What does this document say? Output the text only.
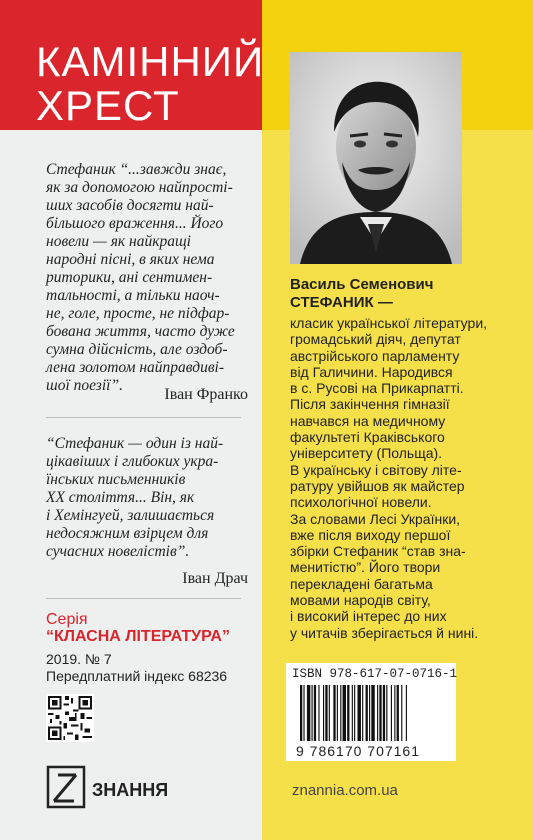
КАМІННИЙ
ХРЕСТ

Стефаник “...завжди знає,

як за допомогою найпрості-

ших засобів досягти най-

більшого враження... Його

новели — як найкращі

народні пісні, в яких нема

риторики, ані сентимен-

тальності, а тільки наоч-

не, голе, просте, не підфар-

бована життя, часто дуже

сумна дійсність, але оздоб-

лена золотом найправдиві-

шої поезії”.

Іван Франко

“Стефаник — один із най-

цікавіших і глибоких укра-

їнських письменників

ХХ століття... Він, як

і Хемінгуей, залишається

недосяжним взірцем для

сучасних новелістів”.

Іван Драч
Серія
“КЛАСНА ЛІТЕРАТУРА”
2019. № 7
Передплатний індекс 68236
ЗНАННЯ

Василь Семенович

СТЕФАНИК —

класик української літератури,

громадський діяч, депутат

австрійського парламенту

від Галичини. Народився

в с. Русові на Прикарпатті.

Після закінчення гімназії

навчався на медичному

факультеті Краківського

університету (Польща).

В українську і світову літе-

ратуру увійшов як майстер

психологічної новели.

За словами Лесі Українки,

вже після виходу першої

збірки Стефаник “став зна-

менитістю”. Його твори

перекладені багатьма

мовами народів світу,

і високий інтерес до них

у читачів зберігається й нині.

ISBN 978-617-07-0716-1
9 786170 707161
znannia.com.ua
